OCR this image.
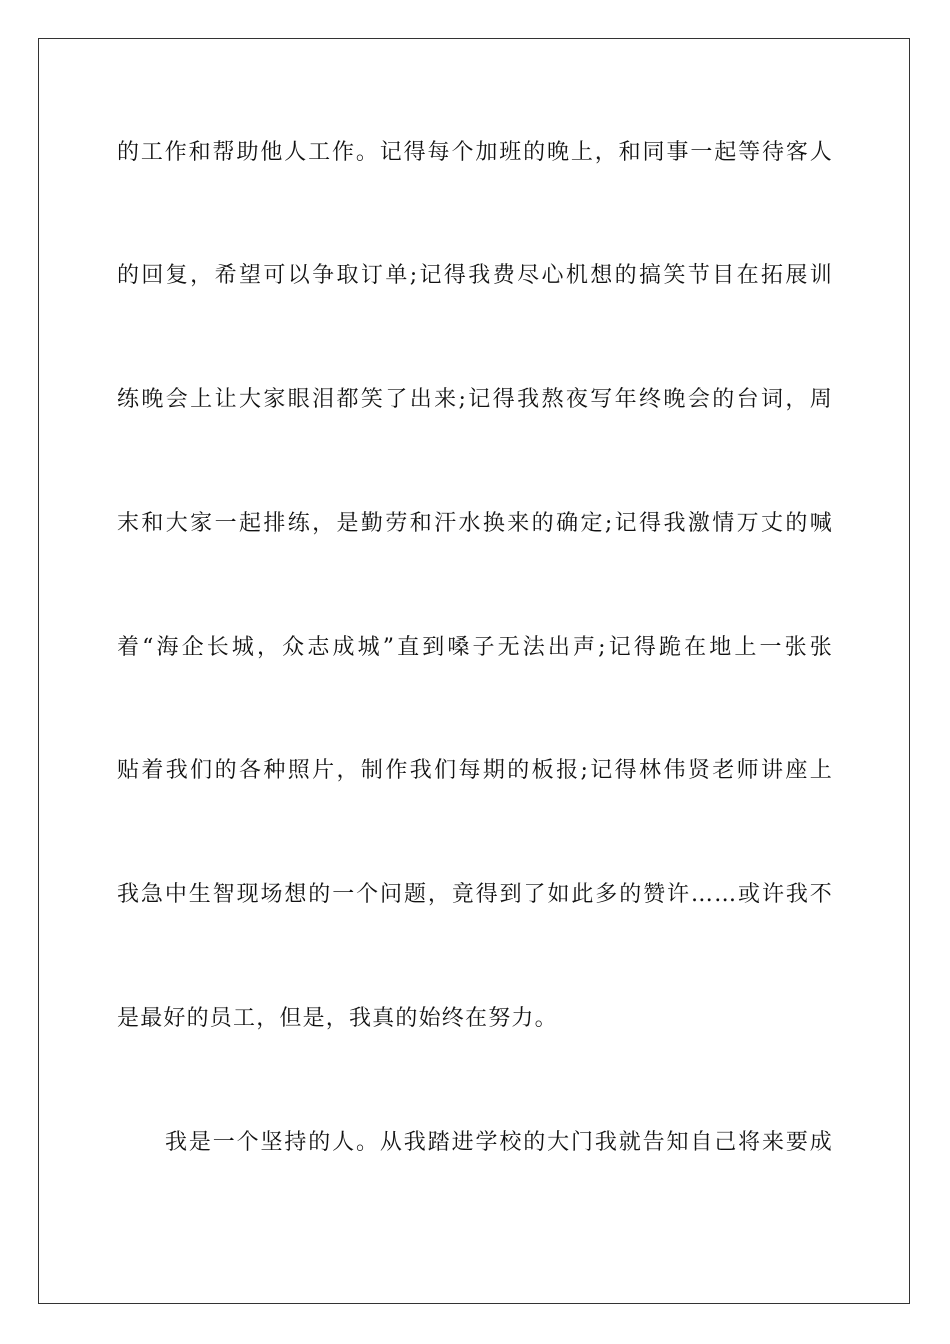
的工作和帮助他人工作。记得每个加班的晚上，和同事一起等待客人
的回复，希望可以争取订单;记得我费尽心机想的搞笑节目在拓展训
练晚会上让大家眼泪都笑了出来;记得我熬夜写年终晚会的台词，周
末和大家一起排练，是勤劳和汗水换来的确定;记得我激情万丈的喊
着“海企长城，众志成城”直到嗓子无法出声;记得跪在地上一张张
贴着我们的各种照片，制作我们每期的板报;记得林伟贤老师讲座上
我急中生智现场想的一个问题，竟得到了如此多的赞许……或许我不
是最好的员工，但是，我真的始终在努力。
我是一个坚持的人。从我踏进学校的大门我就告知自己将来要成
